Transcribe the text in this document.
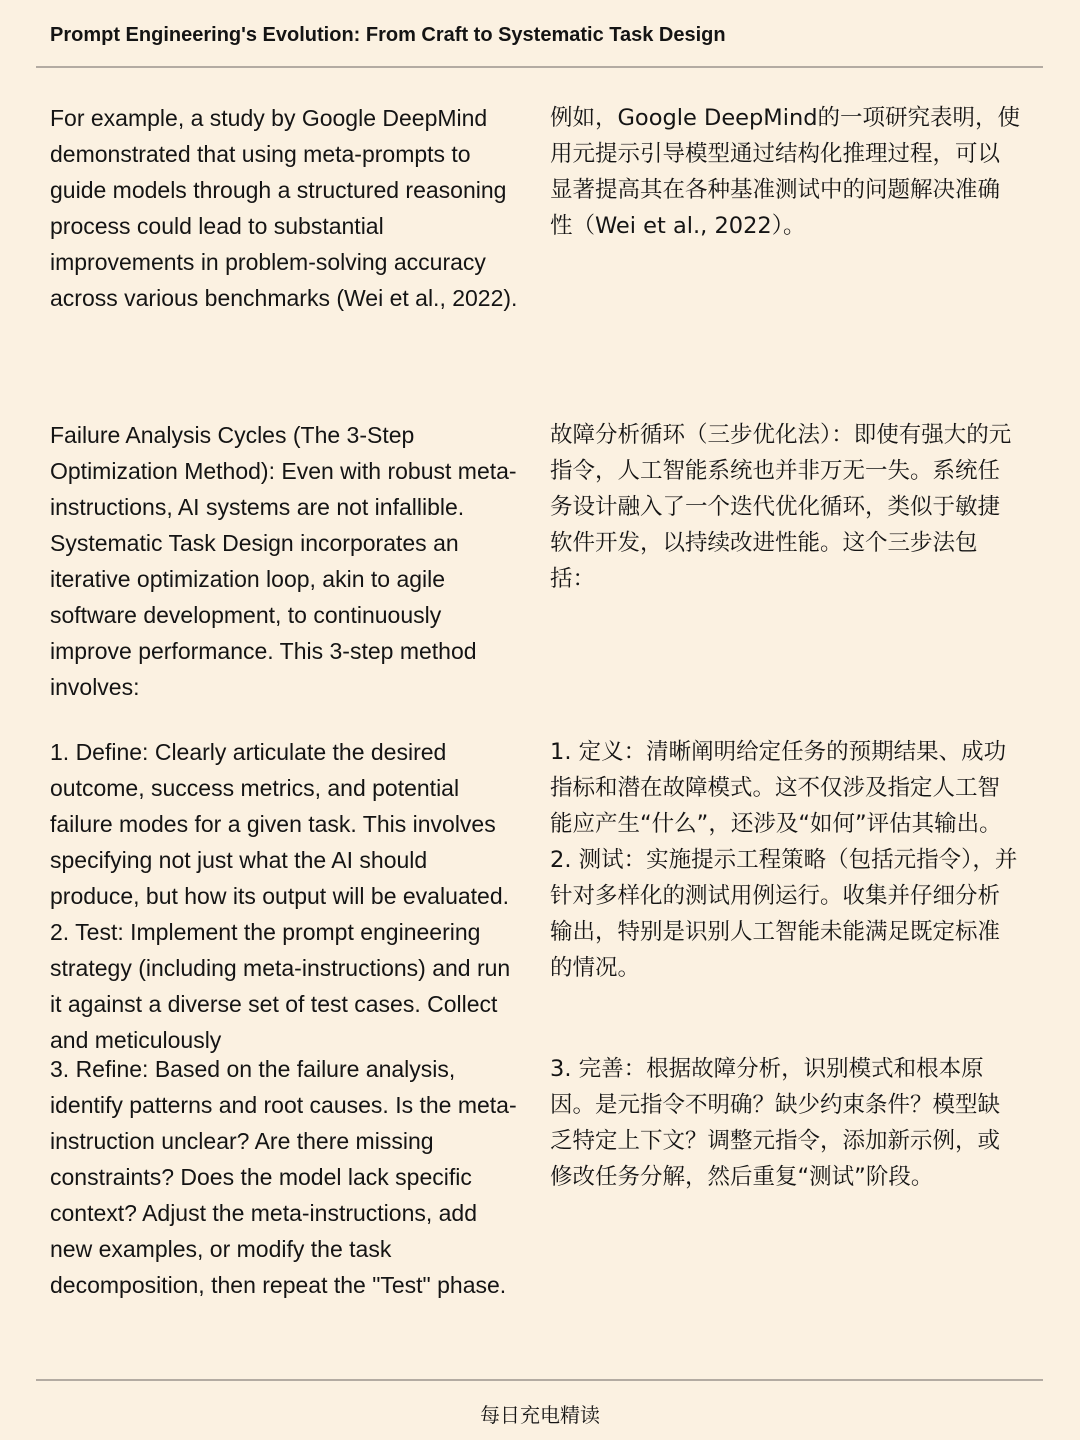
Prompt Engineering's Evolution: From Craft to Systematic Task Design

For example, a study by Google DeepMind demonstrated that using meta-prompts to guide models through a structured reasoning process could lead to substantial improvements in problem-solving accuracy across various benchmarks (Wei et al., 2022).

例如，Google DeepMind的一项研究表明，使用元提示引导模型通过结构化推理过程，可以显著提高其在各种基准测试中的问题解决准确性（Wei et al., 2022）。

Failure Analysis Cycles (The 3-Step Optimization Method): Even with robust meta-instructions, AI systems are not infallible. Systematic Task Design incorporates an iterative optimization loop, akin to agile software development, to continuously improve performance. This 3-step method involves:

故障分析循环（三步优化法）：即使有强大的元指令，人工智能系统也并非万无一失。系统任务设计融入了一个迭代优化循环，类似于敏捷软件开发，以持续改进性能。这个三步法包括：

1. Define: Clearly articulate the desired outcome, success metrics, and potential failure modes for a given task. This involves specifying not just what the AI should produce, but how its output will be evaluated. 2. Test: Implement the prompt engineering strategy (including meta-instructions) and run it against a diverse set of test cases. Collect and meticulously

1. 定义：清晰阐明给定任务的预期结果、成功指标和潜在故障模式。这不仅涉及指定人工智能应产生“什么”，还涉及“如何”评估其输出。2. 测试：实施提示工程策略（包括元指令），并针对多样化的测试用例运行。收集并仔细分析输出，特别是识别人工智能未能满足既定标准的情况。

3. Refine: Based on the failure analysis, identify patterns and root causes. Is the meta-instruction unclear? Are there missing constraints? Does the model lack specific context? Adjust the meta-instructions, add new examples, or modify the task decomposition, then repeat the "Test" phase.

3. 完善：根据故障分析，识别模式和根本原因。是元指令不明确？缺少约束条件？模型缺乏特定上下文？调整元指令，添加新示例，或修改任务分解，然后重复“测试”阶段。

每日充电精读
